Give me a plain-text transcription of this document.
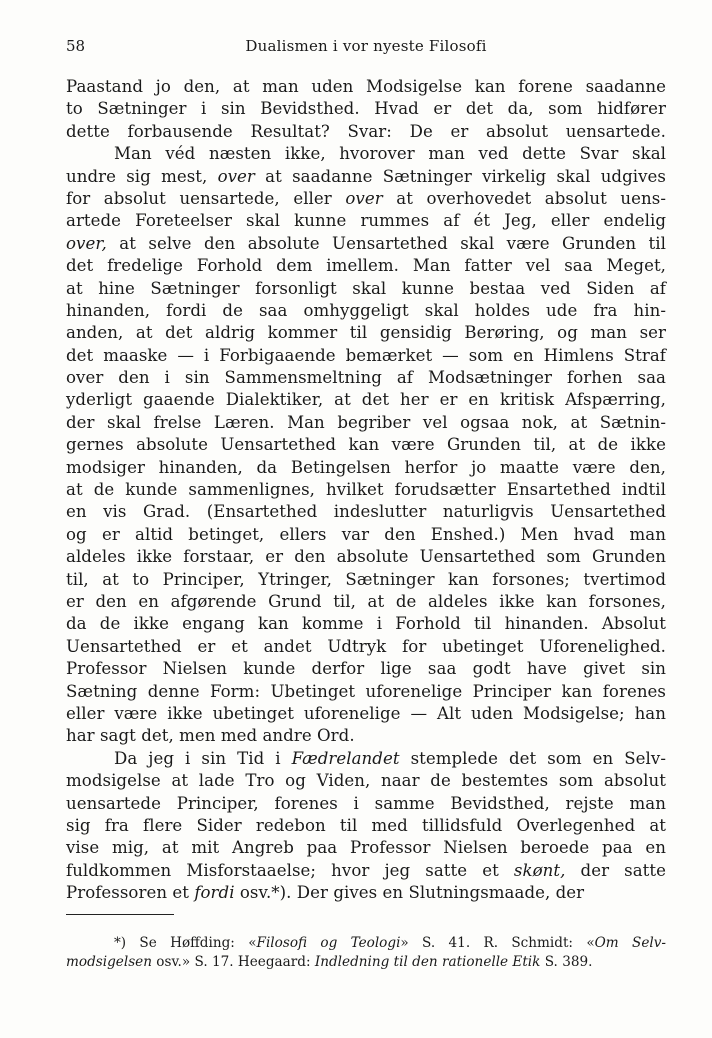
58	Dualismen i vor nyeste Filosofi
Paastand jo den, at man uden Modsigelse kan forene saadanne
to Sætninger i sin Bevidsthed. Hvad er det da, som hidfører
dette forbausende Resultat? Svar: De er absolut uensartede.
Man véd næsten ikke, hvorover man ved dette Svar skal
undre sig mest, over at saadanne Sætninger virkelig skal udgives
for absolut uensartede, eller over at overhovedet absolut uens-
artede Foreteelser skal kunne rummes af ét Jeg, eller endelig
over, at selve den absolute Uensartethed skal være Grunden til
det fredelige Forhold dem imellem. Man fatter vel saa Meget,
at hine Sætninger forsonligt skal kunne bestaa ved Siden af
hinanden, fordi de saa omhyggeligt skal holdes ude fra hin-
anden, at det aldrig kommer til gensidig Berøring, og man ser
det maaske — i Forbigaaende bemærket — som en Himlens Straf
over den i sin Sammensmeltning af Modsætninger forhen saa
yderligt gaaende Dialektiker, at det her er en kritisk Afspærring,
der skal frelse Læren. Man begriber vel ogsaa nok, at Sætnin-
gernes absolute Uensartethed kan være Grunden til, at de ikke
modsiger hinanden, da Betingelsen herfor jo maatte være den,
at de kunde sammenlignes, hvilket forudsætter Ensartethed indtil
en vis Grad. (Ensartethed indeslutter naturligvis Uensartethed
og er altid betinget, ellers var den Enshed.) Men hvad man
aldeles ikke forstaar, er den absolute Uensartethed som Grunden
til, at to Principer, Ytringer, Sætninger kan forsones; tvertimod
er den en afgørende Grund til, at de aldeles ikke kan forsones,
da de ikke engang kan komme i Forhold til hinanden. Absolut
Uensartethed er et andet Udtryk for ubetinget Uforenelighed.
Professor Nielsen kunde derfor lige saa godt have givet sin
Sætning denne Form: Ubetinget uforenelige Principer kan forenes
eller være ikke ubetinget uforenelige — Alt uden Modsigelse; han
har sagt det, men med andre Ord.
Da jeg i sin Tid i Fædrelandet stemplede det som en Selv-
modsigelse at lade Tro og Viden, naar de bestemtes som absolut
uensartede Principer, forenes i samme Bevidsthed, rejste man
sig fra flere Sider redebon til med tillidsfuld Overlegenhed at
vise mig, at mit Angreb paa Professor Nielsen beroede paa en
fuldkommen Misforstaaelse; hvor jeg satte et skønt, der satte
Professoren et fordi osv.*). Der gives en Slutningsmaade, der
*) Se Høffding: «Filosofi og Teologi» S. 41. R. Schmidt: «Om Selv-
modsigelsen osv.» S. 17. Heegaard: Indledning til den rationelle Etik S. 389.
